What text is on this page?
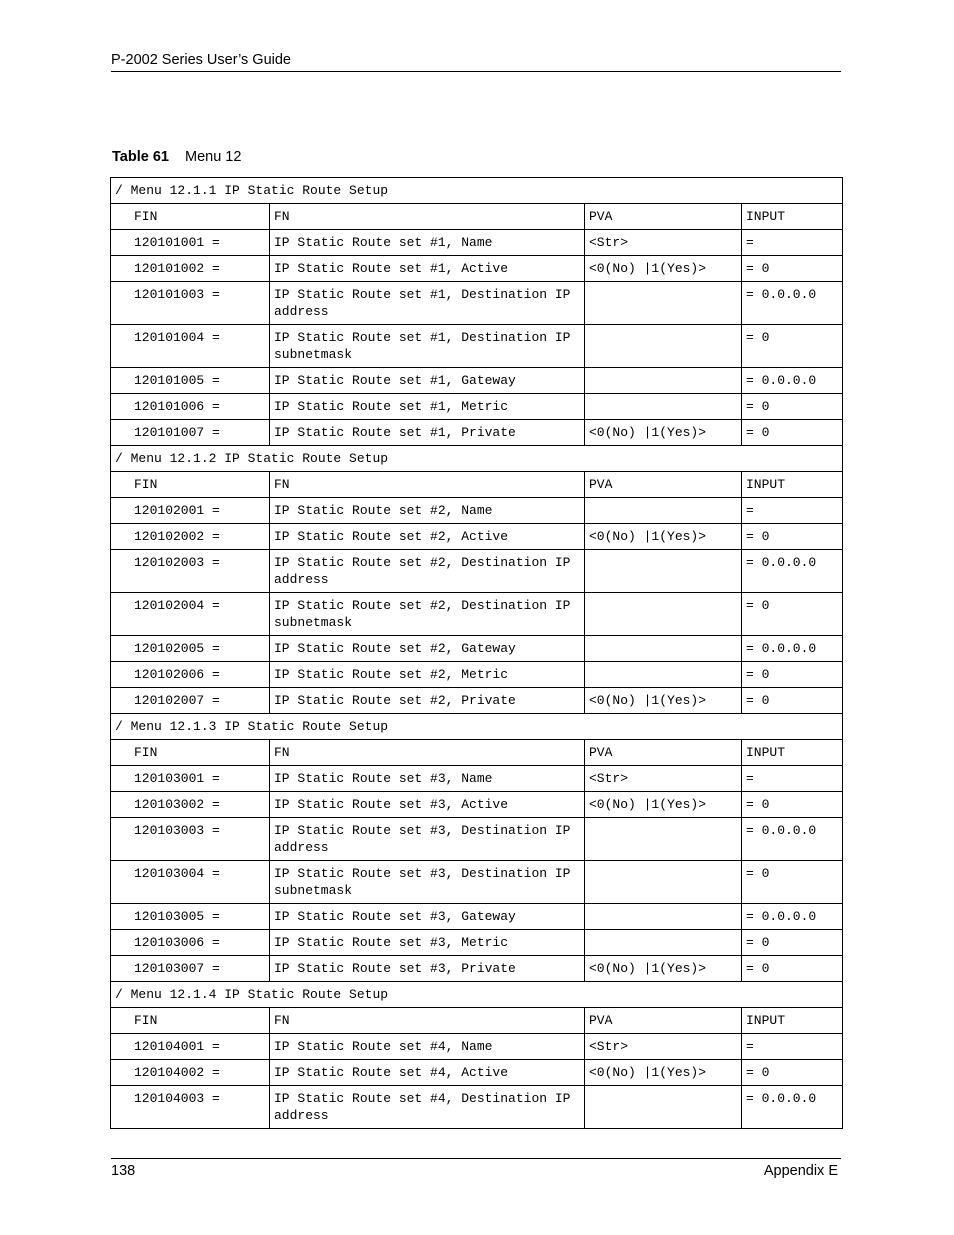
P-2002 Series User’s Guide
Table 61 Menu 12
/ Menu 12.1.1 IP Static Route Setup			
FIN	FN	PVA	INPUT
120101001 =	IP Static Route set #1, Name	<Str>	=
120101002 =	IP Static Route set #1, Active	<0(No) |1(Yes)>	= 0
120101003 =	IP Static Route set #1, Destination IP address		= 0.0.0.0
120101004 =	IP Static Route set #1, Destination IP subnetmask		= 0
120101005 =	IP Static Route set #1, Gateway		= 0.0.0.0
120101006 =	IP Static Route set #1, Metric		= 0
120101007 =	IP Static Route set #1, Private	<0(No) |1(Yes)>	= 0
/ Menu 12.1.2 IP Static Route Setup			
FIN	FN	PVA	INPUT
120102001 =	IP Static Route set #2, Name		=
120102002 =	IP Static Route set #2, Active	<0(No) |1(Yes)>	= 0
120102003 =	IP Static Route set #2, Destination IP address		= 0.0.0.0
120102004 =	IP Static Route set #2, Destination IP subnetmask		= 0
120102005 =	IP Static Route set #2, Gateway		= 0.0.0.0
120102006 =	IP Static Route set #2, Metric		= 0
120102007 =	IP Static Route set #2, Private	<0(No) |1(Yes)>	= 0
/ Menu 12.1.3 IP Static Route Setup			
FIN	FN	PVA	INPUT
120103001 =	IP Static Route set #3, Name	<Str>	=
120103002 =	IP Static Route set #3, Active	<0(No) |1(Yes)>	= 0
120103003 =	IP Static Route set #3, Destination IP address		= 0.0.0.0
120103004 =	IP Static Route set #3, Destination IP subnetmask		= 0
120103005 =	IP Static Route set #3, Gateway		= 0.0.0.0
120103006 =	IP Static Route set #3, Metric		= 0
120103007 =	IP Static Route set #3, Private	<0(No) |1(Yes)>	= 0
/ Menu 12.1.4 IP Static Route Setup			
FIN	FN	PVA	INPUT
120104001 =	IP Static Route set #4, Name	<Str>	=
120104002 =	IP Static Route set #4, Active	<0(No) |1(Yes)>	= 0
120104003 =	IP Static Route set #4, Destination IP address		= 0.0.0.0
138	Appendix E
